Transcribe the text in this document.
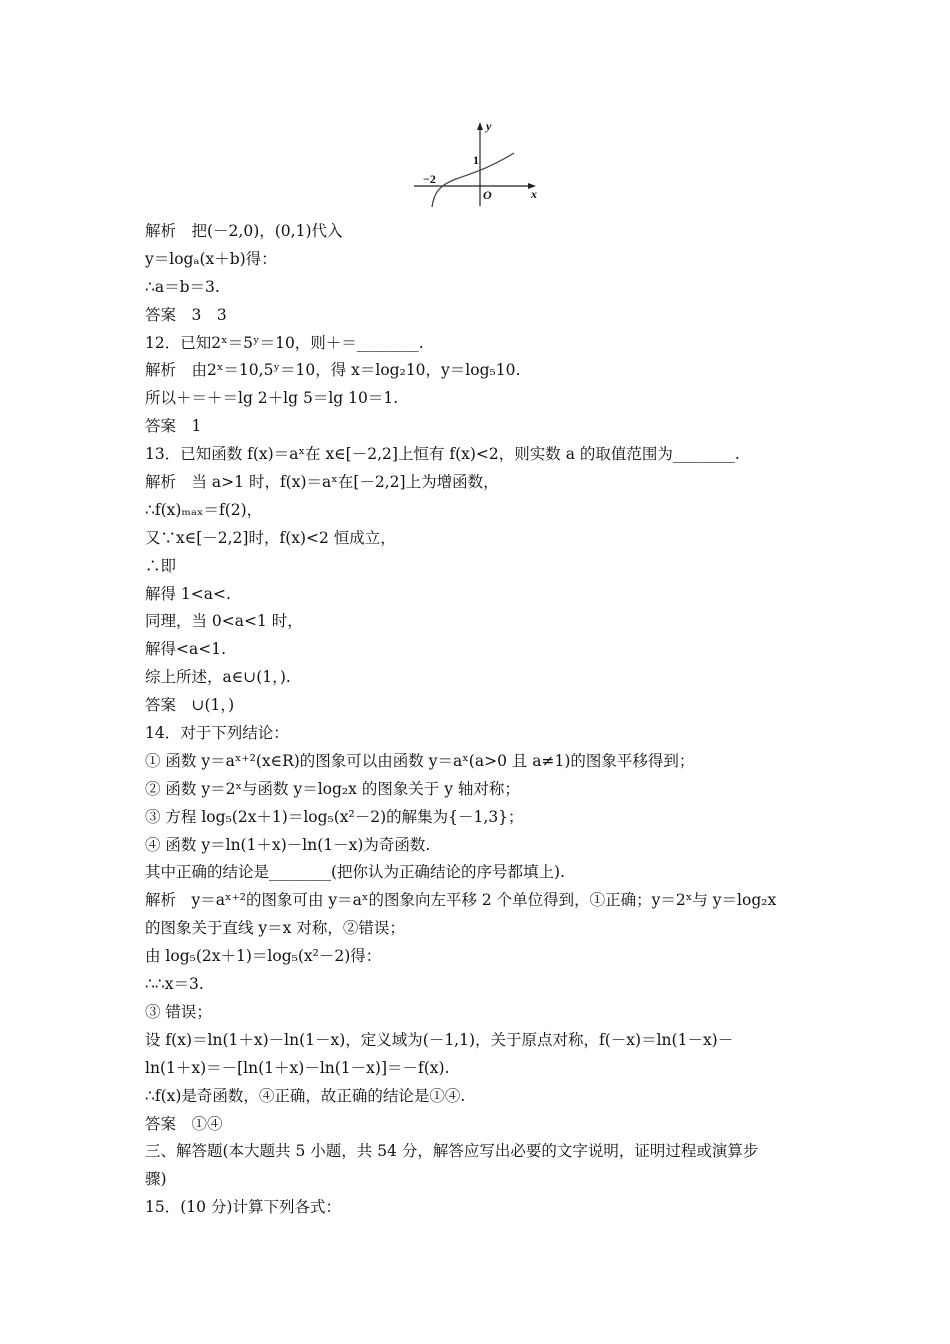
y
x
O
1
−2
解析　把(－2,0)，(0,1)代入
y＝logₐ(x＋b)得：
∴a＝b＝3.
答案　3　3
12．已知2ˣ＝5ʸ＝10，则＋＝________.
解析　由2ˣ＝10,5ʸ＝10，得 x＝log₂10，y＝log₅10.
所以＋＝＋＝lg 2＋lg 5＝lg 10＝1.
答案　1
13．已知函数 f(x)＝aˣ在 x∈[－2,2]上恒有 f(x)<2，则实数 a 的取值范围为________.
解析　当 a>1 时，f(x)＝aˣ在[－2,2]上为增函数，
∴f(x)ₘₐₓ＝f(2)，
又∵x∈[－2,2]时，f(x)<2 恒成立，
∴即
解得 1<a<.
同理，当 0<a<1 时，
解得<a<1.
综上所述，a∈∪(1，).
答案　∪(1，)
14．对于下列结论：
① 函数 y＝aˣ⁺²(x∈R)的图象可以由函数 y＝aˣ(a>0 且 a≠1)的图象平移得到；
② 函数 y＝2ˣ与函数 y＝log₂x 的图象关于 y 轴对称；
③ 方程 log₅(2x＋1)＝log₅(x²－2)的解集为{－1,3}；
④ 函数 y＝ln(1＋x)－ln(1－x)为奇函数.
其中正确的结论是________(把你认为正确结论的序号都填上).
解析　y＝aˣ⁺²的图象可由 y＝aˣ的图象向左平移 2 个单位得到，①正确；y＝2ˣ与 y＝log₂x
的图象关于直线 y＝x 对称，②错误；
由 log₅(2x＋1)＝log₅(x²－2)得：
∴∴x＝3.
③ 错误；
设 f(x)＝ln(1＋x)－ln(1－x)，定义域为(－1,1)，关于原点对称，f(－x)＝ln(1－x)－
ln(1＋x)＝－[ln(1＋x)－ln(1－x)]＝－f(x).
∴f(x)是奇函数，④正确，故正确的结论是①④.
答案　①④
三、解答题(本大题共 5 小题，共 54 分，解答应写出必要的文字说明，证明过程或演算步
骤)
15．(10 分)计算下列各式：
